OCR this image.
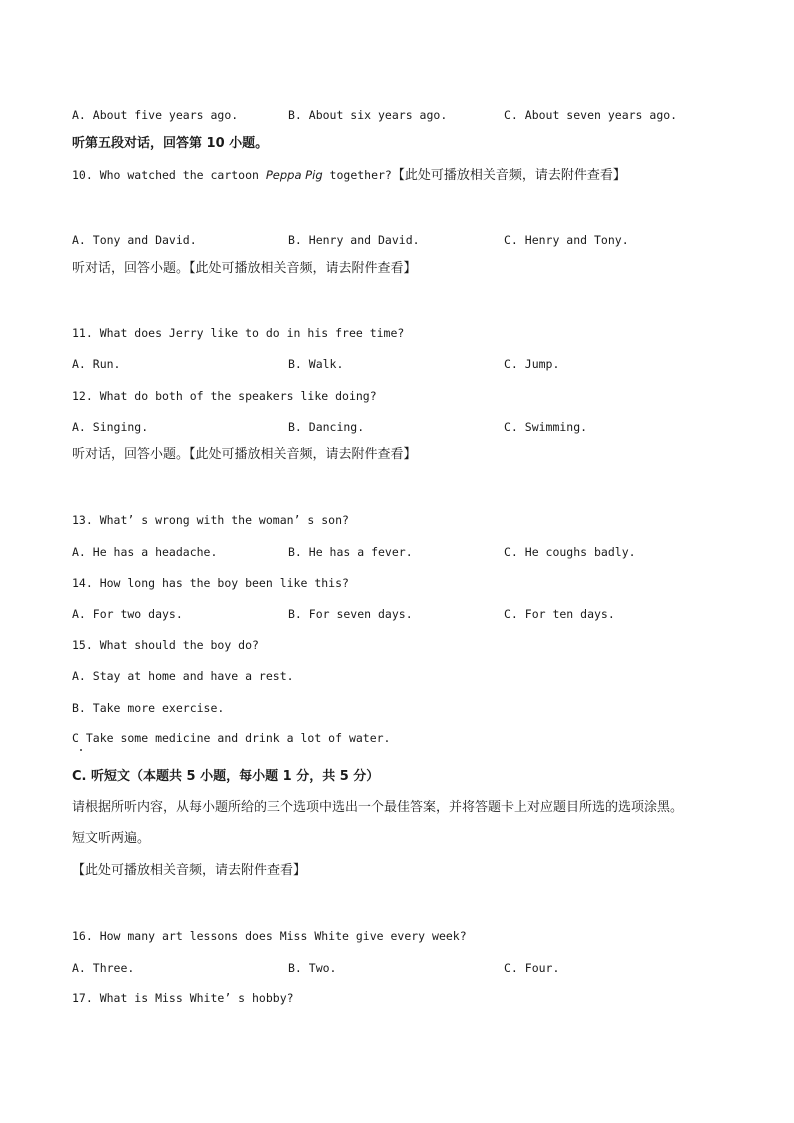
A. About five years ago.	B. About six years ago.	C. About seven years ago.
听第五段对话，回答第 10 小题。
10. Who watched the cartoon Peppa Pig together?【此处可播放相关音频，请去附件查看】
A. Tony and David.	B. Henry and David.	C. Henry and Tony.
听对话，回答小题。【此处可播放相关音频，请去附件查看】
11. What does Jerry like to do in his free time?
A. Run.	B. Walk.	C. Jump.
12. What do both of the speakers like doing?
A. Singing.	B. Dancing.	C. Swimming.
听对话，回答小题。【此处可播放相关音频，请去附件查看】
13. What’ s wrong with the woman’ s son?
A. He has a headache.	B. He has a fever.	C. He coughs badly.
14. How long has the boy been like this?
A. For two days.	B. For seven days.	C. For ten days.
15. What should the boy do?
A. Stay at home and have a rest.
B. Take more exercise.
C Take some medicine and drink a lot of water.
C. 听短文（本题共 5 小题，每小题 1 分，共 5 分）
请根据所听内容，从每小题所给的三个选项中选出一个最佳答案，并将答题卡上对应题目所选的选项涂黑。
短文听两遍。
【此处可播放相关音频，请去附件查看】
16. How many art lessons does Miss White give every week?
A. Three.	B. Two.	C. Four.
17. What is Miss White’ s hobby?
